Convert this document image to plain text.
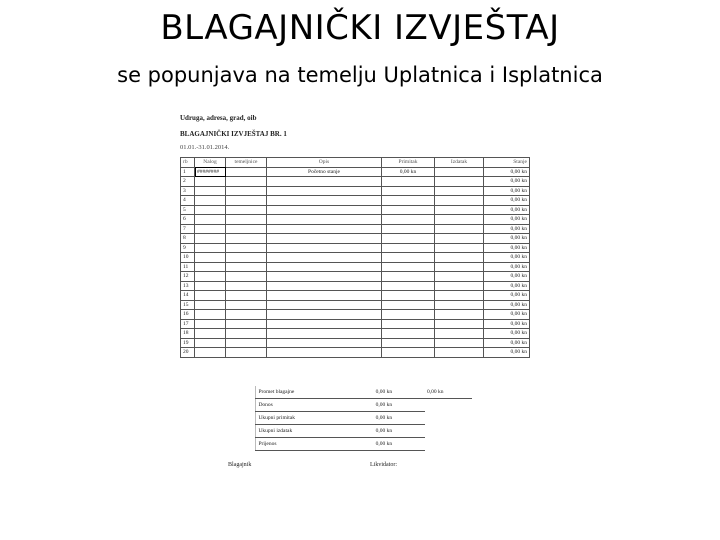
BLAGAJNIČKI IZVJEŠTAJ
se popunjava na temelju Uplatnica i Isplatnica
Udruga, adresa, grad, oib
BLAGAJNIČKI IZVJEŠTAJ BR. 1
01.01.-31.01.2014.
rb	Nalog	temeljnice	Opis	Primitak	Izdatak	Stanje
1	########		Početno stanje	0,00 kn		0,00 kn
2						0,00 kn
3						0,00 kn
4						0,00 kn
5						0,00 kn
6						0,00 kn
7						0,00 kn
8						0,00 kn
9						0,00 kn
10						0,00 kn
11						0,00 kn
12						0,00 kn
13						0,00 kn
14						0,00 kn
15						0,00 kn
16						0,00 kn
17						0,00 kn
18						0,00 kn
19						0,00 kn
20						0,00 kn
			Promet blagajne	0,00 kn	0,00 kn	
			Donos	0,00 kn		
			Ukupni primitak	0,00 kn		
			Ukupni izdatak	0,00 kn		
			Prijenos	0,00 kn		
Blagajnik	Likvidator:
